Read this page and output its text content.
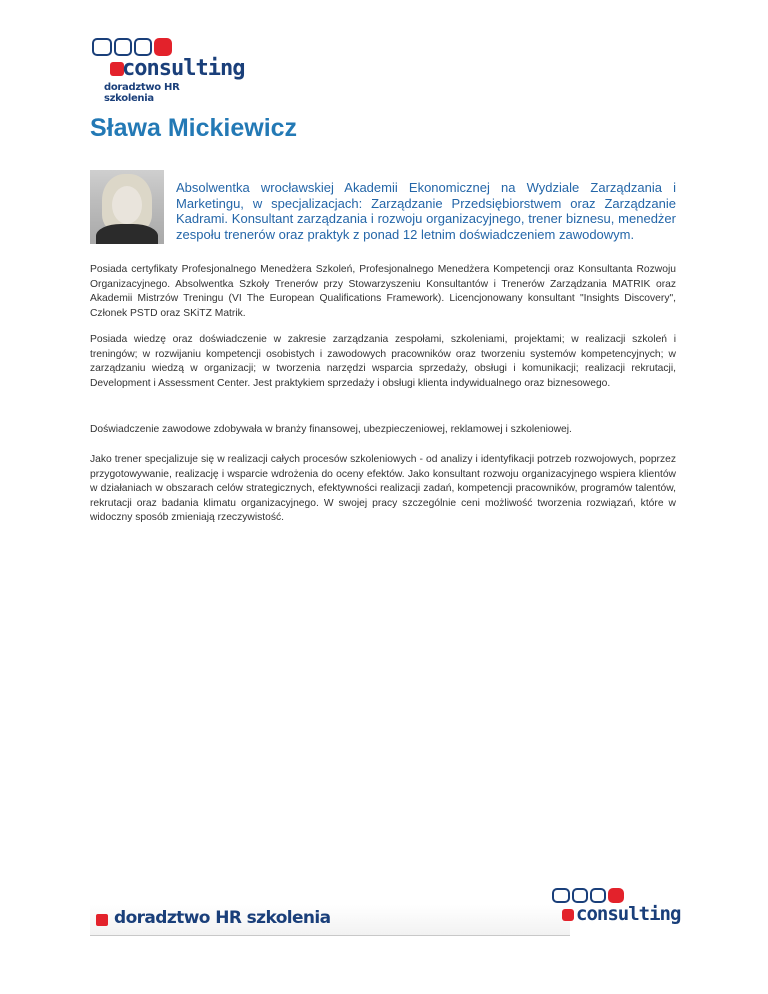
consulting
doradztwo HR szkolenia
Sława Mickiewicz

Absolwentka wrocławskiej Akademii Ekonomicznej na Wydziale Zarządzania i Marketingu, w specjalizacjach: Zarządzanie Przedsiębiorstwem oraz Zarządzanie Kadrami. Konsultant zarządzania i rozwoju organizacyjnego, trener biznesu, menedżer zespołu trenerów oraz praktyk z ponad 12 letnim doświadczeniem zawodowym.

Posiada certyfikaty Profesjonalnego Menedżera Szkoleń, Profesjonalnego Menedżera Kompetencji oraz Konsultanta Rozwoju Organizacyjnego. Absolwentka Szkoły Trenerów przy Stowarzyszeniu Konsultantów i Trenerów Zarządzania MATRIK oraz Akademii Mistrzów Treningu (VI The European Qualifications Framework). Licencjonowany konsultant "Insights Discovery", Członek PSTD oraz SKiTZ Matrik.

Posiada wiedzę oraz doświadczenie w zakresie zarządzania zespołami, szkoleniami, projektami; w realizacji szkoleń i treningów; w rozwijaniu kompetencji osobistych i zawodowych pracowników oraz tworzeniu systemów kompetencyjnych; w zarządzaniu wiedzą w organizacji; w tworzenia narzędzi wsparcia sprzedaży, obsługi i komunikacji; realizacji rekrutacji, Development i Assessment Center. Jest praktykiem sprzedaży i obsługi klienta indywidualnego oraz biznesowego.

Doświadczenie zawodowe zdobywała w branży finansowej, ubezpieczeniowej, reklamowej i szkoleniowej.

Jako trener specjalizuje się w realizacji całych procesów szkoleniowych - od analizy i identyfikacji potrzeb rozwojowych, poprzez przygotowywanie, realizację i wsparcie wdrożenia do oceny efektów. Jako konsultant rozwoju organizacyjnego wspiera klientów w działaniach w obszarach celów strategicznych, efektywności realizacji zadań, kompetencji pracowników, programów talentów, rekrutacji oraz badania klimatu organizacyjnego. W swojej pracy szczególnie ceni możliwość tworzenia rozwiązań, które w widoczny sposób zmieniają rzeczywistość.

doradztwo HR szkolenia	consulting
